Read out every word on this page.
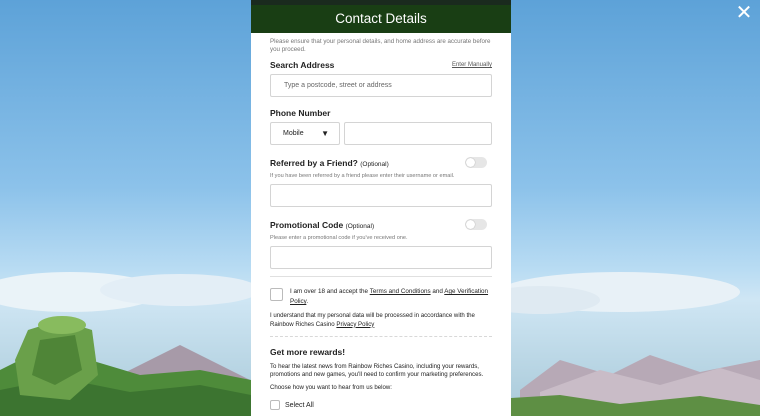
✕
Contact Details

Please ensure that your personal details, and home address are accurate before you proceed.

Search Address	Enter Manually
Type a postcode, street or address
Phone Number
Mobile ▼
Referred by a Friend? (Optional)
If you have been referred by a friend please enter their username or email.
Promotional Code (Optional)
Please enter a promotional code if you've received one.
I am over 18 and accept the Terms and Conditions and Age Verification Policy.
I understand that my personal data will be processed in accordance with the Rainbow Riches Casino Privacy Policy
Get more rewards!
To hear the latest news from Rainbow Riches Casino, including your rewards, promotions and new games, you'll need to confirm your marketing preferences.
Choose how you want to hear from us below:
Select All
